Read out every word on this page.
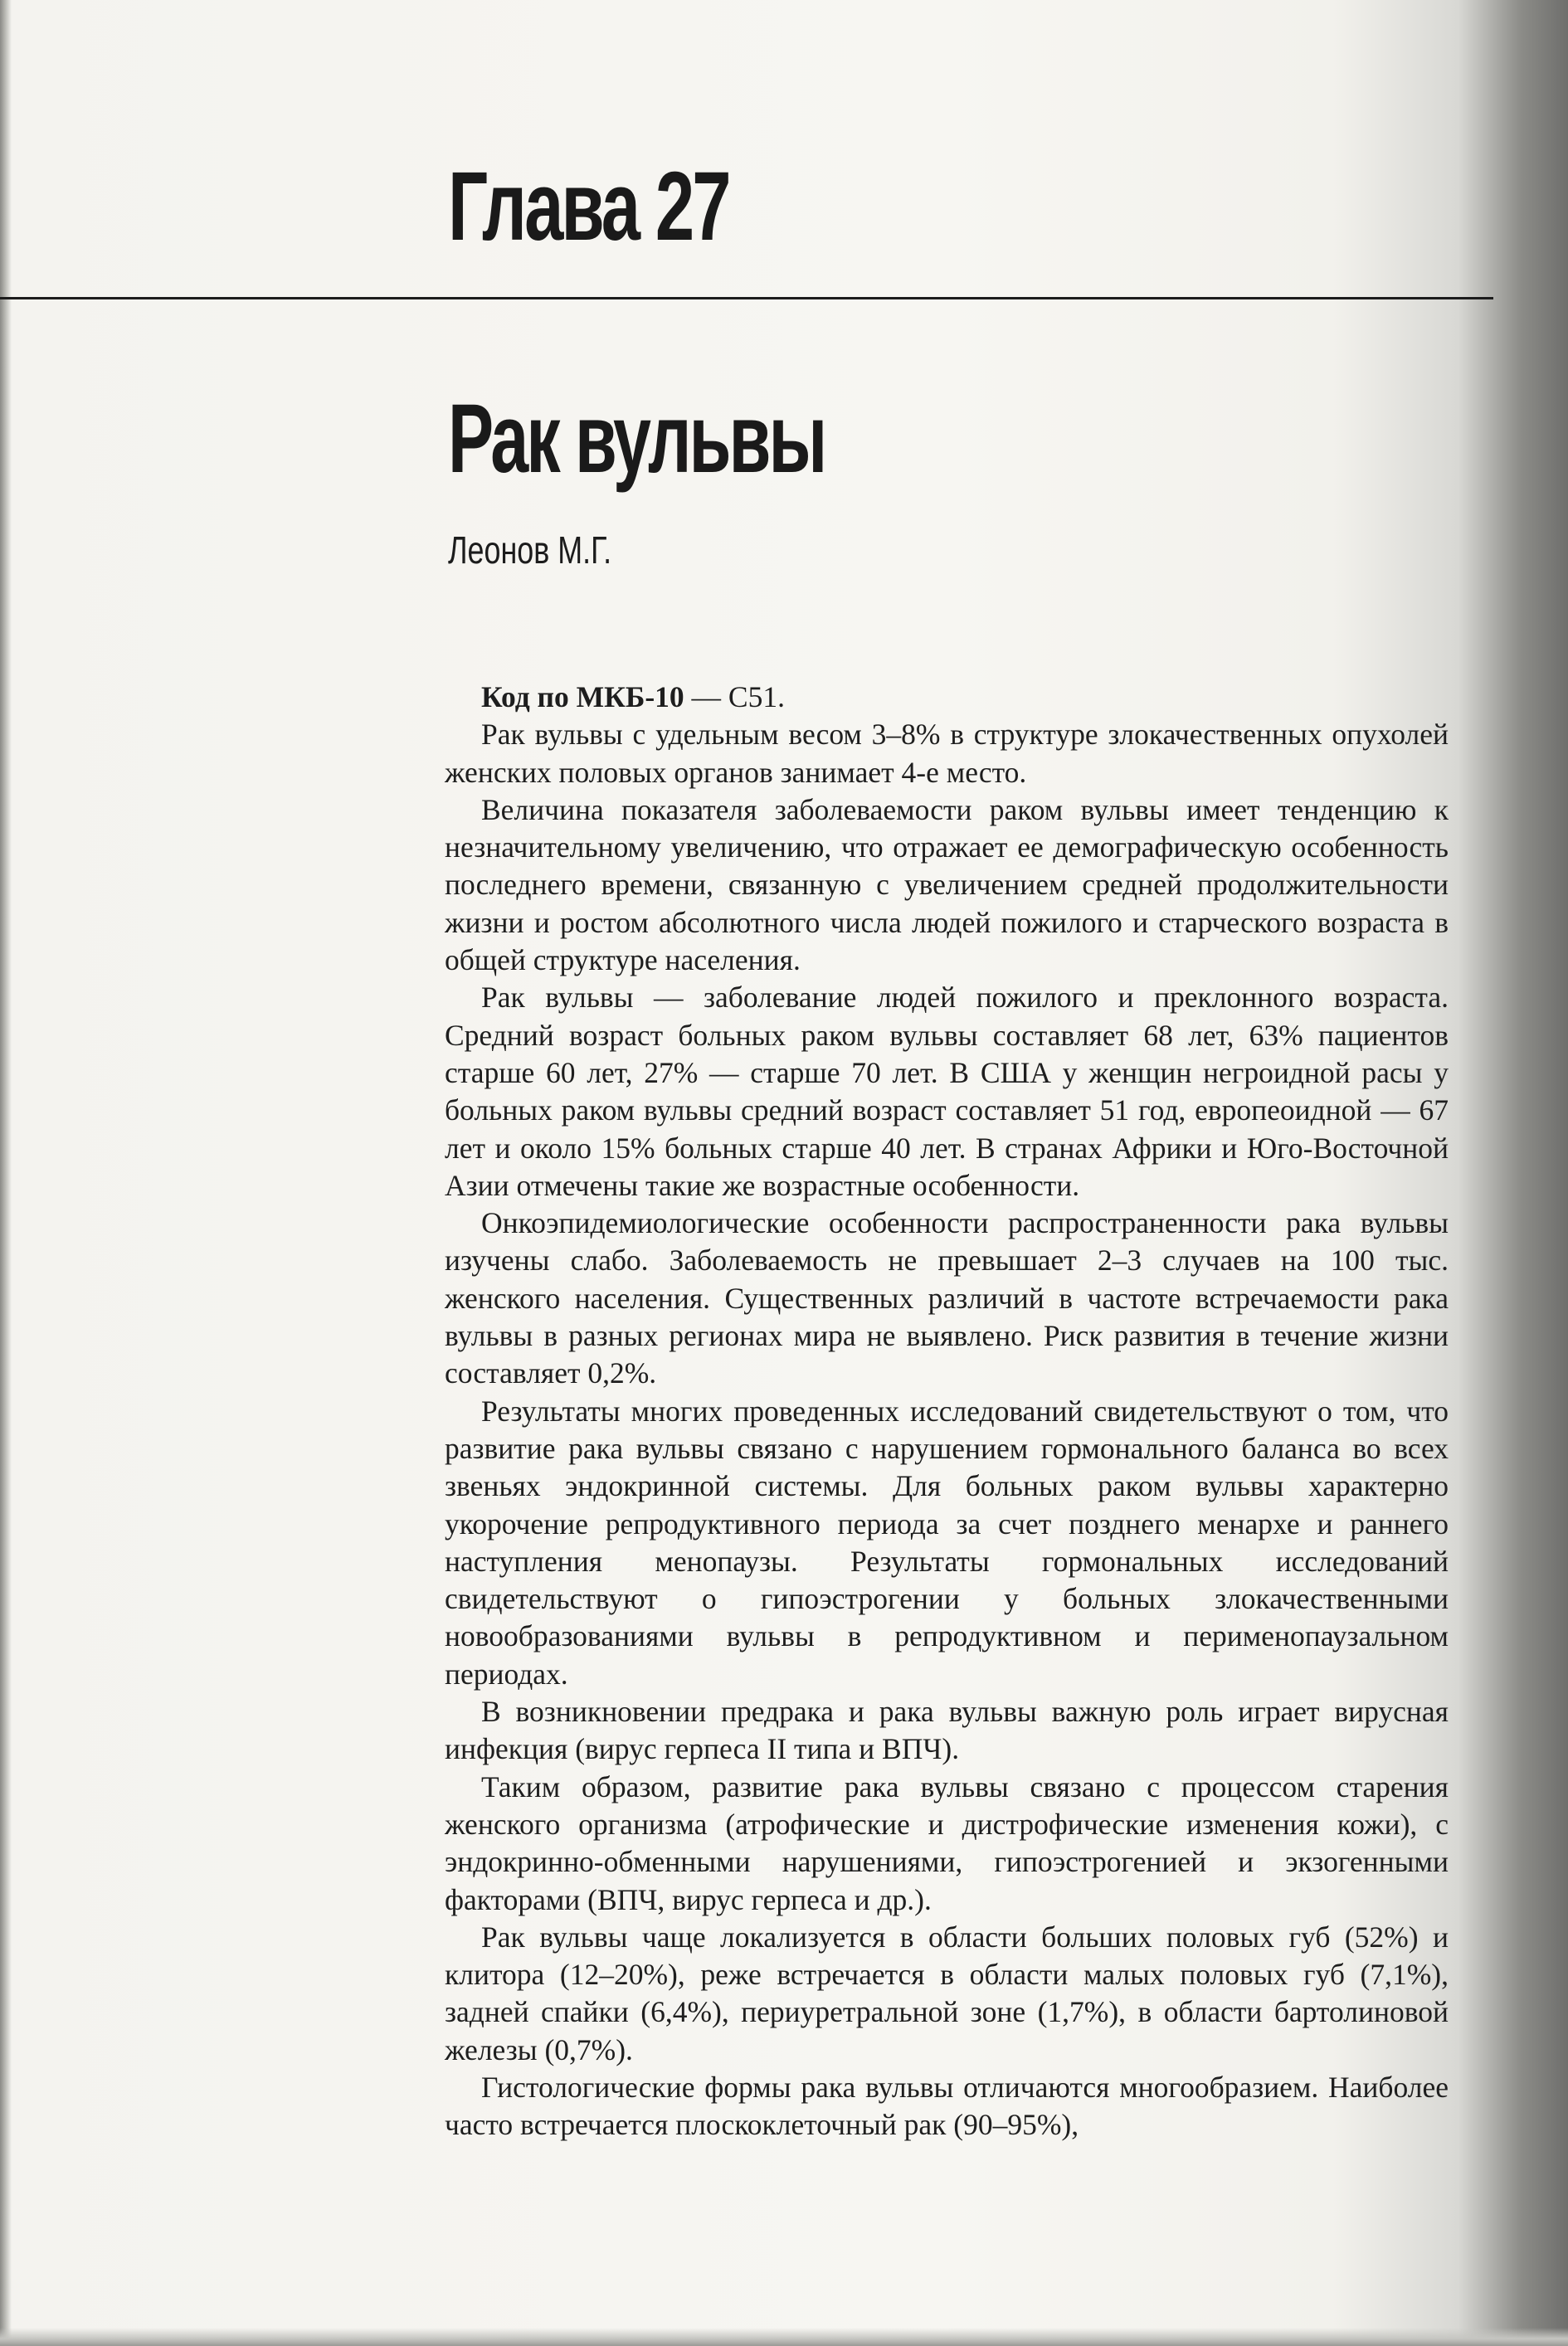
Глава 27
Рак вульвы
Леонов М.Г.
Код по МКБ-10 — С51.

Рак вульвы с удельным весом 3–8% в структуре злокачественных опухолей женских половых органов занимает 4-е место.

Величина показателя заболеваемости раком вульвы имеет тенденцию к незначительному увеличению, что отражает ее демографическую особенность последнего времени, связанную с увеличением средней продолжительности жизни и ростом абсолютного числа людей пожилого и старческого возраста в общей структуре населения.

Рак вульвы — заболевание людей пожилого и преклонного возраста. Средний возраст больных раком вульвы составляет 68 лет, 63% пациентов старше 60 лет, 27% — старше 70 лет. В США у женщин негроидной расы у больных раком вульвы средний возраст составляет 51 год, европеоидной — 67 лет и около 15% больных старше 40 лет. В странах Африки и Юго-Восточной Азии отмечены такие же возрастные особенности.

Онкоэпидемиологические особенности распространенности рака вульвы изучены слабо. Заболеваемость не превышает 2–3 случаев на 100 тыс. женского населения. Существенных различий в частоте встречаемости рака вульвы в разных регионах мира не выявлено. Риск развития в течение жизни составляет 0,2%.

Результаты многих проведенных исследований свидетельствуют о том, что развитие рака вульвы связано с нарушением гормонального баланса во всех звеньях эндокринной системы. Для больных раком вульвы характерно укорочение репродуктивного периода за счет позднего менархе и раннего наступления менопаузы. Результаты гормональных исследований свидетельствуют о гипоэстрогении у больных злокачественными новообразованиями вульвы в репродуктивном и перименопаузальном периодах.

В возникновении предрака и рака вульвы важную роль играет вирусная инфекция (вирус герпеса II типа и ВПЧ).

Таким образом, развитие рака вульвы связано с процессом старения женского организма (атрофические и дистрофические изменения кожи), с эндокринно-обменными нарушениями, гипоэстрогенией и экзогенными факторами (ВПЧ, вирус герпеса и др.).

Рак вульвы чаще локализуется в области больших половых губ (52%) и клитора (12–20%), реже встречается в области малых половых губ (7,1%), задней спайки (6,4%), периуретральной зоне (1,7%), в области бартолиновой железы (0,7%).

Гистологические формы рака вульвы отличаются многообразием. Наиболее часто встречается плоскоклеточный рак (90–95%),
